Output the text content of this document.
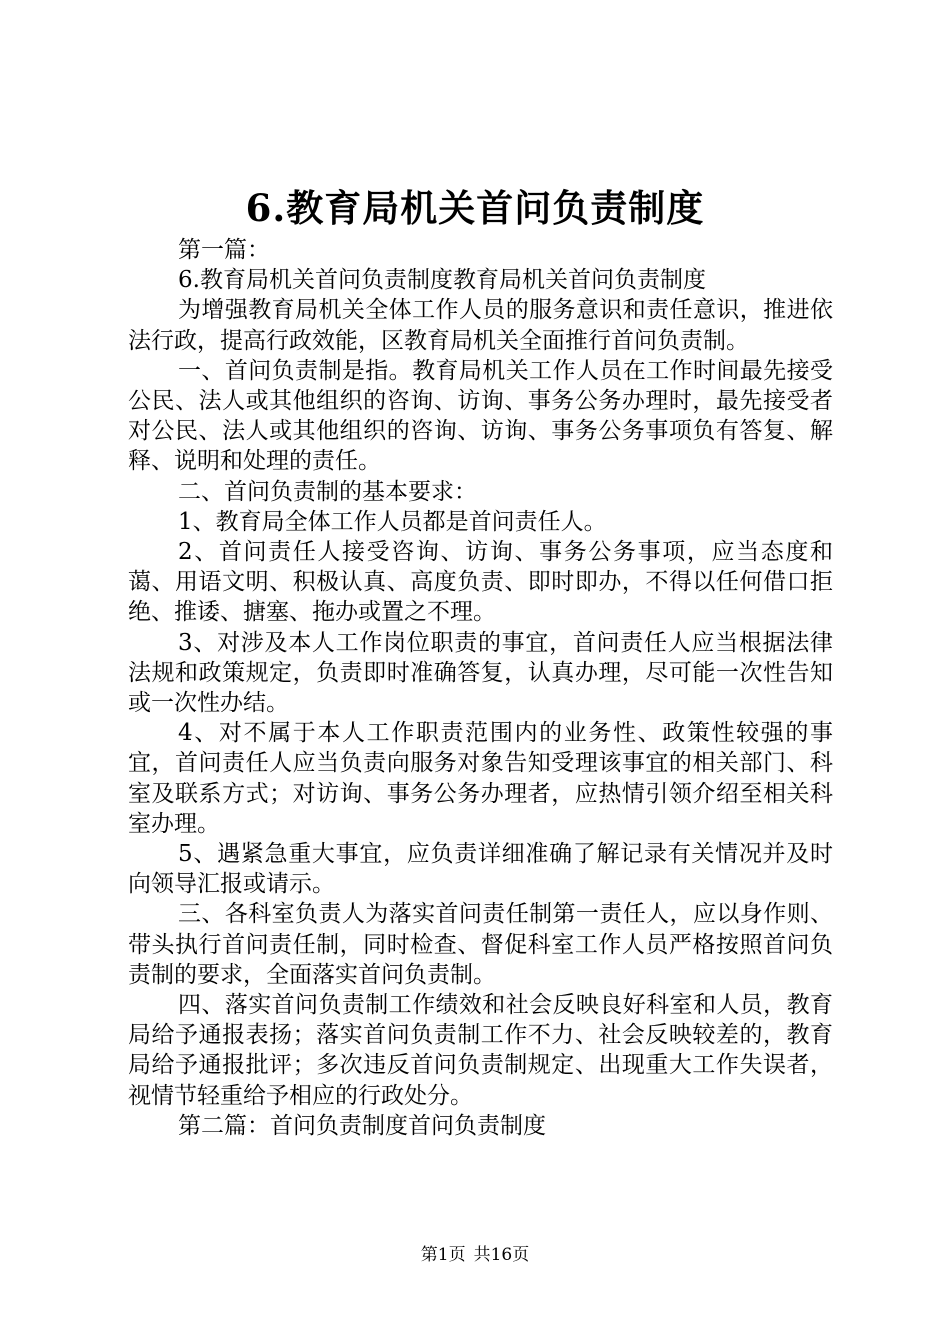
6.教育局机关首问负责制度

第一篇：

6.教育局机关首问负责制度教育局机关首问负责制度

为增强教育局机关全体工作人员的服务意识和责任意识，推进依法行政，提高行政效能，区教育局机关全面推行首问负责制。

一、首问负责制是指。教育局机关工作人员在工作时间最先接受公民、法人或其他组织的咨询、访询、事务公务办理时，最先接受者对公民、法人或其他组织的咨询、访询、事务公务事项负有答复、解释、说明和处理的责任。

二、首问负责制的基本要求：

1、教育局全体工作人员都是首问责任人。

2、首问责任人接受咨询、访询、事务公务事项，应当态度和蔼、用语文明、积极认真、高度负责、即时即办，不得以任何借口拒绝、推诿、搪塞、拖办或置之不理。

3、对涉及本人工作岗位职责的事宜，首问责任人应当根据法律法规和政策规定，负责即时准确答复，认真办理，尽可能一次性告知或一次性办结。

4、对不属于本人工作职责范围内的业务性、政策性较强的事宜，首问责任人应当负责向服务对象告知受理该事宜的相关部门、科室及联系方式；对访询、事务公务办理者，应热情引领介绍至相关科室办理。

5、遇紧急重大事宜，应负责详细准确了解记录有关情况并及时向领导汇报或请示。

三、各科室负责人为落实首问责任制第一责任人，应以身作则、带头执行首问责任制，同时检查、督促科室工作人员严格按照首问负责制的要求，全面落实首问负责制。

四、落实首问负责制工作绩效和社会反映良好科室和人员，教育局给予通报表扬；落实首问负责制工作不力、社会反映较差的，教育局给予通报批评；多次违反首问负责制规定、出现重大工作失误者，视情节轻重给予相应的行政处分。

第二篇：首问负责制度首问负责制度

第1页 共16页
